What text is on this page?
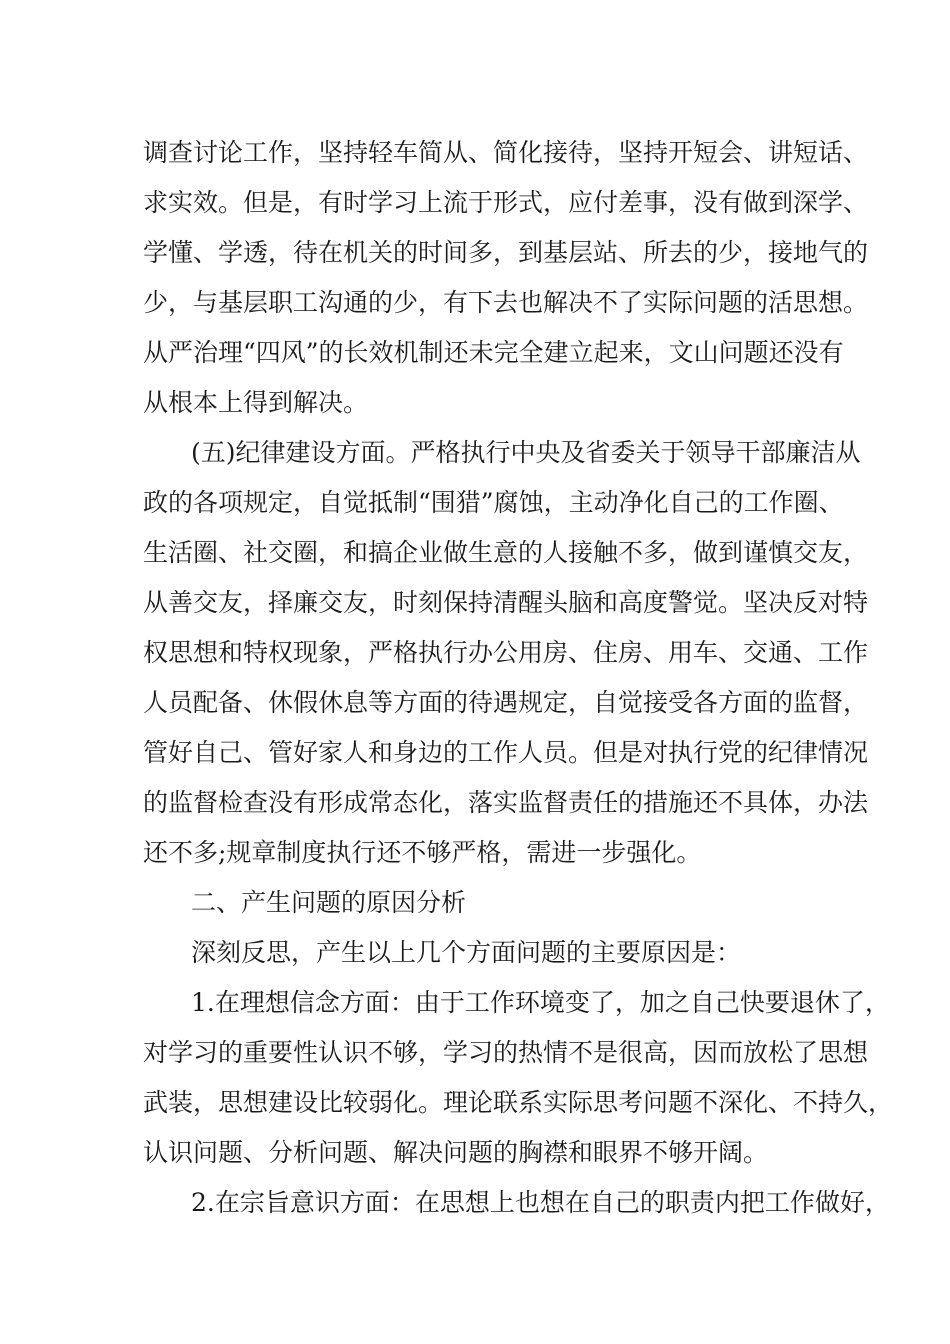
调查讨论工作，坚持轻车简从、简化接待，坚持开短会、讲短话、
求实效。但是，有时学习上流于形式，应付差事，没有做到深学、
学懂、学透，待在机关的时间多，到基层站、所去的少，接地气的
少，与基层职工沟通的少，有下去也解决不了实际问题的活思想。
从严治理“四风”的长效机制还未完全建立起来，文山问题还没有
从根本上得到解决。
(五)纪律建设方面。严格执行中央及省委关于领导干部廉洁从
政的各项规定，自觉抵制“围猎”腐蚀，主动净化自己的工作圈、
生活圈、社交圈，和搞企业做生意的人接触不多，做到谨慎交友，
从善交友，择廉交友，时刻保持清醒头脑和高度警觉。坚决反对特
权思想和特权现象，严格执行办公用房、住房、用车、交通、工作
人员配备、休假休息等方面的待遇规定，自觉接受各方面的监督，
管好自己、管好家人和身边的工作人员。但是对执行党的纪律情况
的监督检查没有形成常态化，落实监督责任的措施还不具体，办法
还不多;规章制度执行还不够严格，需进一步强化。
二、产生问题的原因分析
深刻反思，产生以上几个方面问题的主要原因是：
1.在理想信念方面：由于工作环境变了，加之自己快要退休了，
对学习的重要性认识不够，学习的热情不是很高，因而放松了思想
武装，思想建设比较弱化。理论联系实际思考问题不深化、不持久，
认识问题、分析问题、解决问题的胸襟和眼界不够开阔。
2.在宗旨意识方面：在思想上也想在自己的职责内把工作做好，
